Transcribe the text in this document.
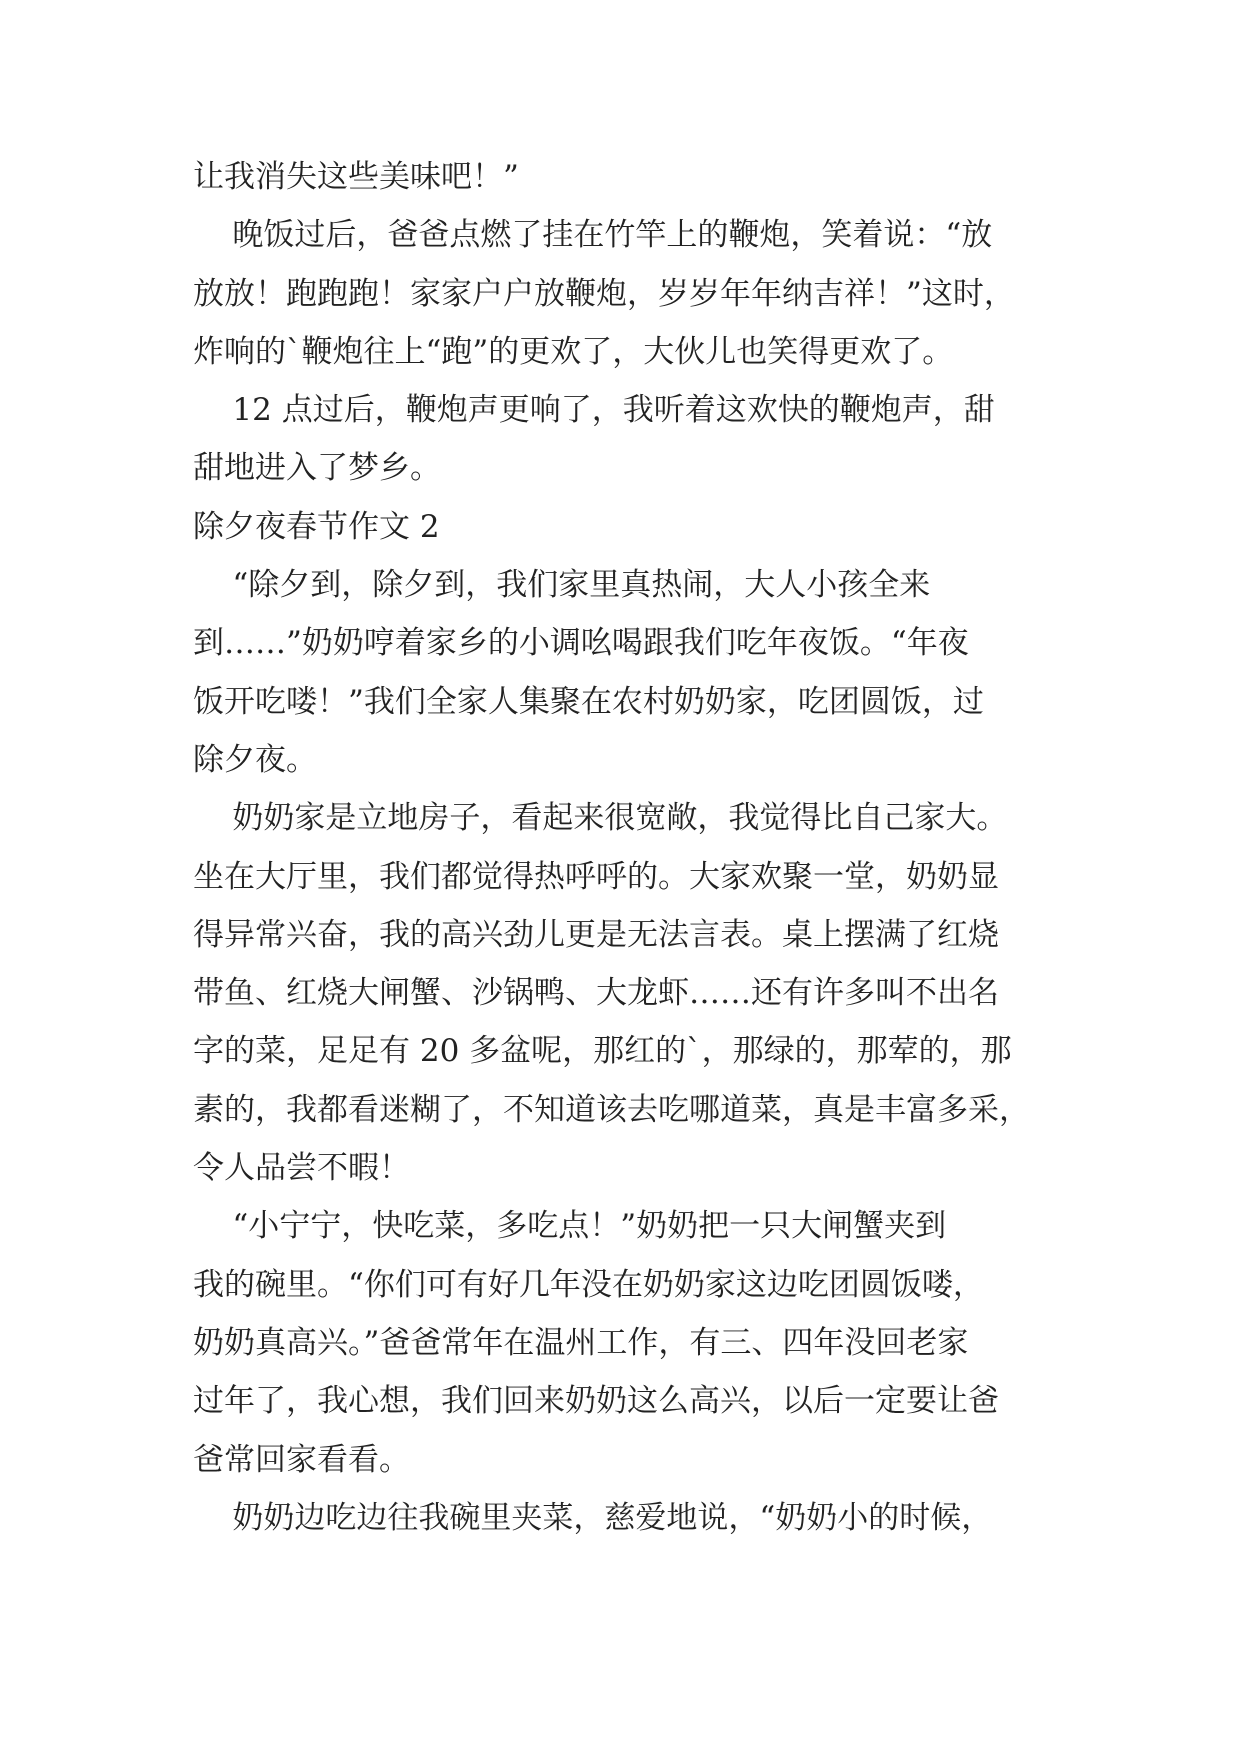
让我消失这些美味吧！”
晚饭过后，爸爸点燃了挂在竹竿上的鞭炮，笑着说：“放
放放！跑跑跑！家家户户放鞭炮，岁岁年年纳吉祥！”这时，
炸响的`鞭炮往上“跑”的更欢了，大伙儿也笑得更欢了。
12 点过后，鞭炮声更响了，我听着这欢快的鞭炮声，甜
甜地进入了梦乡。
除夕夜春节作文 2
“除夕到，除夕到，我们家里真热闹，大人小孩全来
到……”奶奶哼着家乡的小调吆喝跟我们吃年夜饭。“年夜
饭开吃喽！”我们全家人集聚在农村奶奶家，吃团圆饭，过
除夕夜。
奶奶家是立地房子，看起来很宽敞，我觉得比自己家大。
坐在大厅里，我们都觉得热呼呼的。大家欢聚一堂，奶奶显
得异常兴奋，我的高兴劲儿更是无法言表。桌上摆满了红烧
带鱼、红烧大闸蟹、沙锅鸭、大龙虾……还有许多叫不出名
字的菜，足足有 20 多盆呢，那红的`，那绿的，那荤的，那
素的，我都看迷糊了，不知道该去吃哪道菜，真是丰富多采，
令人品尝不暇！
“小宁宁，快吃菜，多吃点！”奶奶把一只大闸蟹夹到
我的碗里。“你们可有好几年没在奶奶家这边吃团圆饭喽，
奶奶真高兴。”爸爸常年在温州工作，有三、四年没回老家
过年了，我心想，我们回来奶奶这么高兴，以后一定要让爸
爸常回家看看。
奶奶边吃边往我碗里夹菜，慈爱地说，“奶奶小的时候，
